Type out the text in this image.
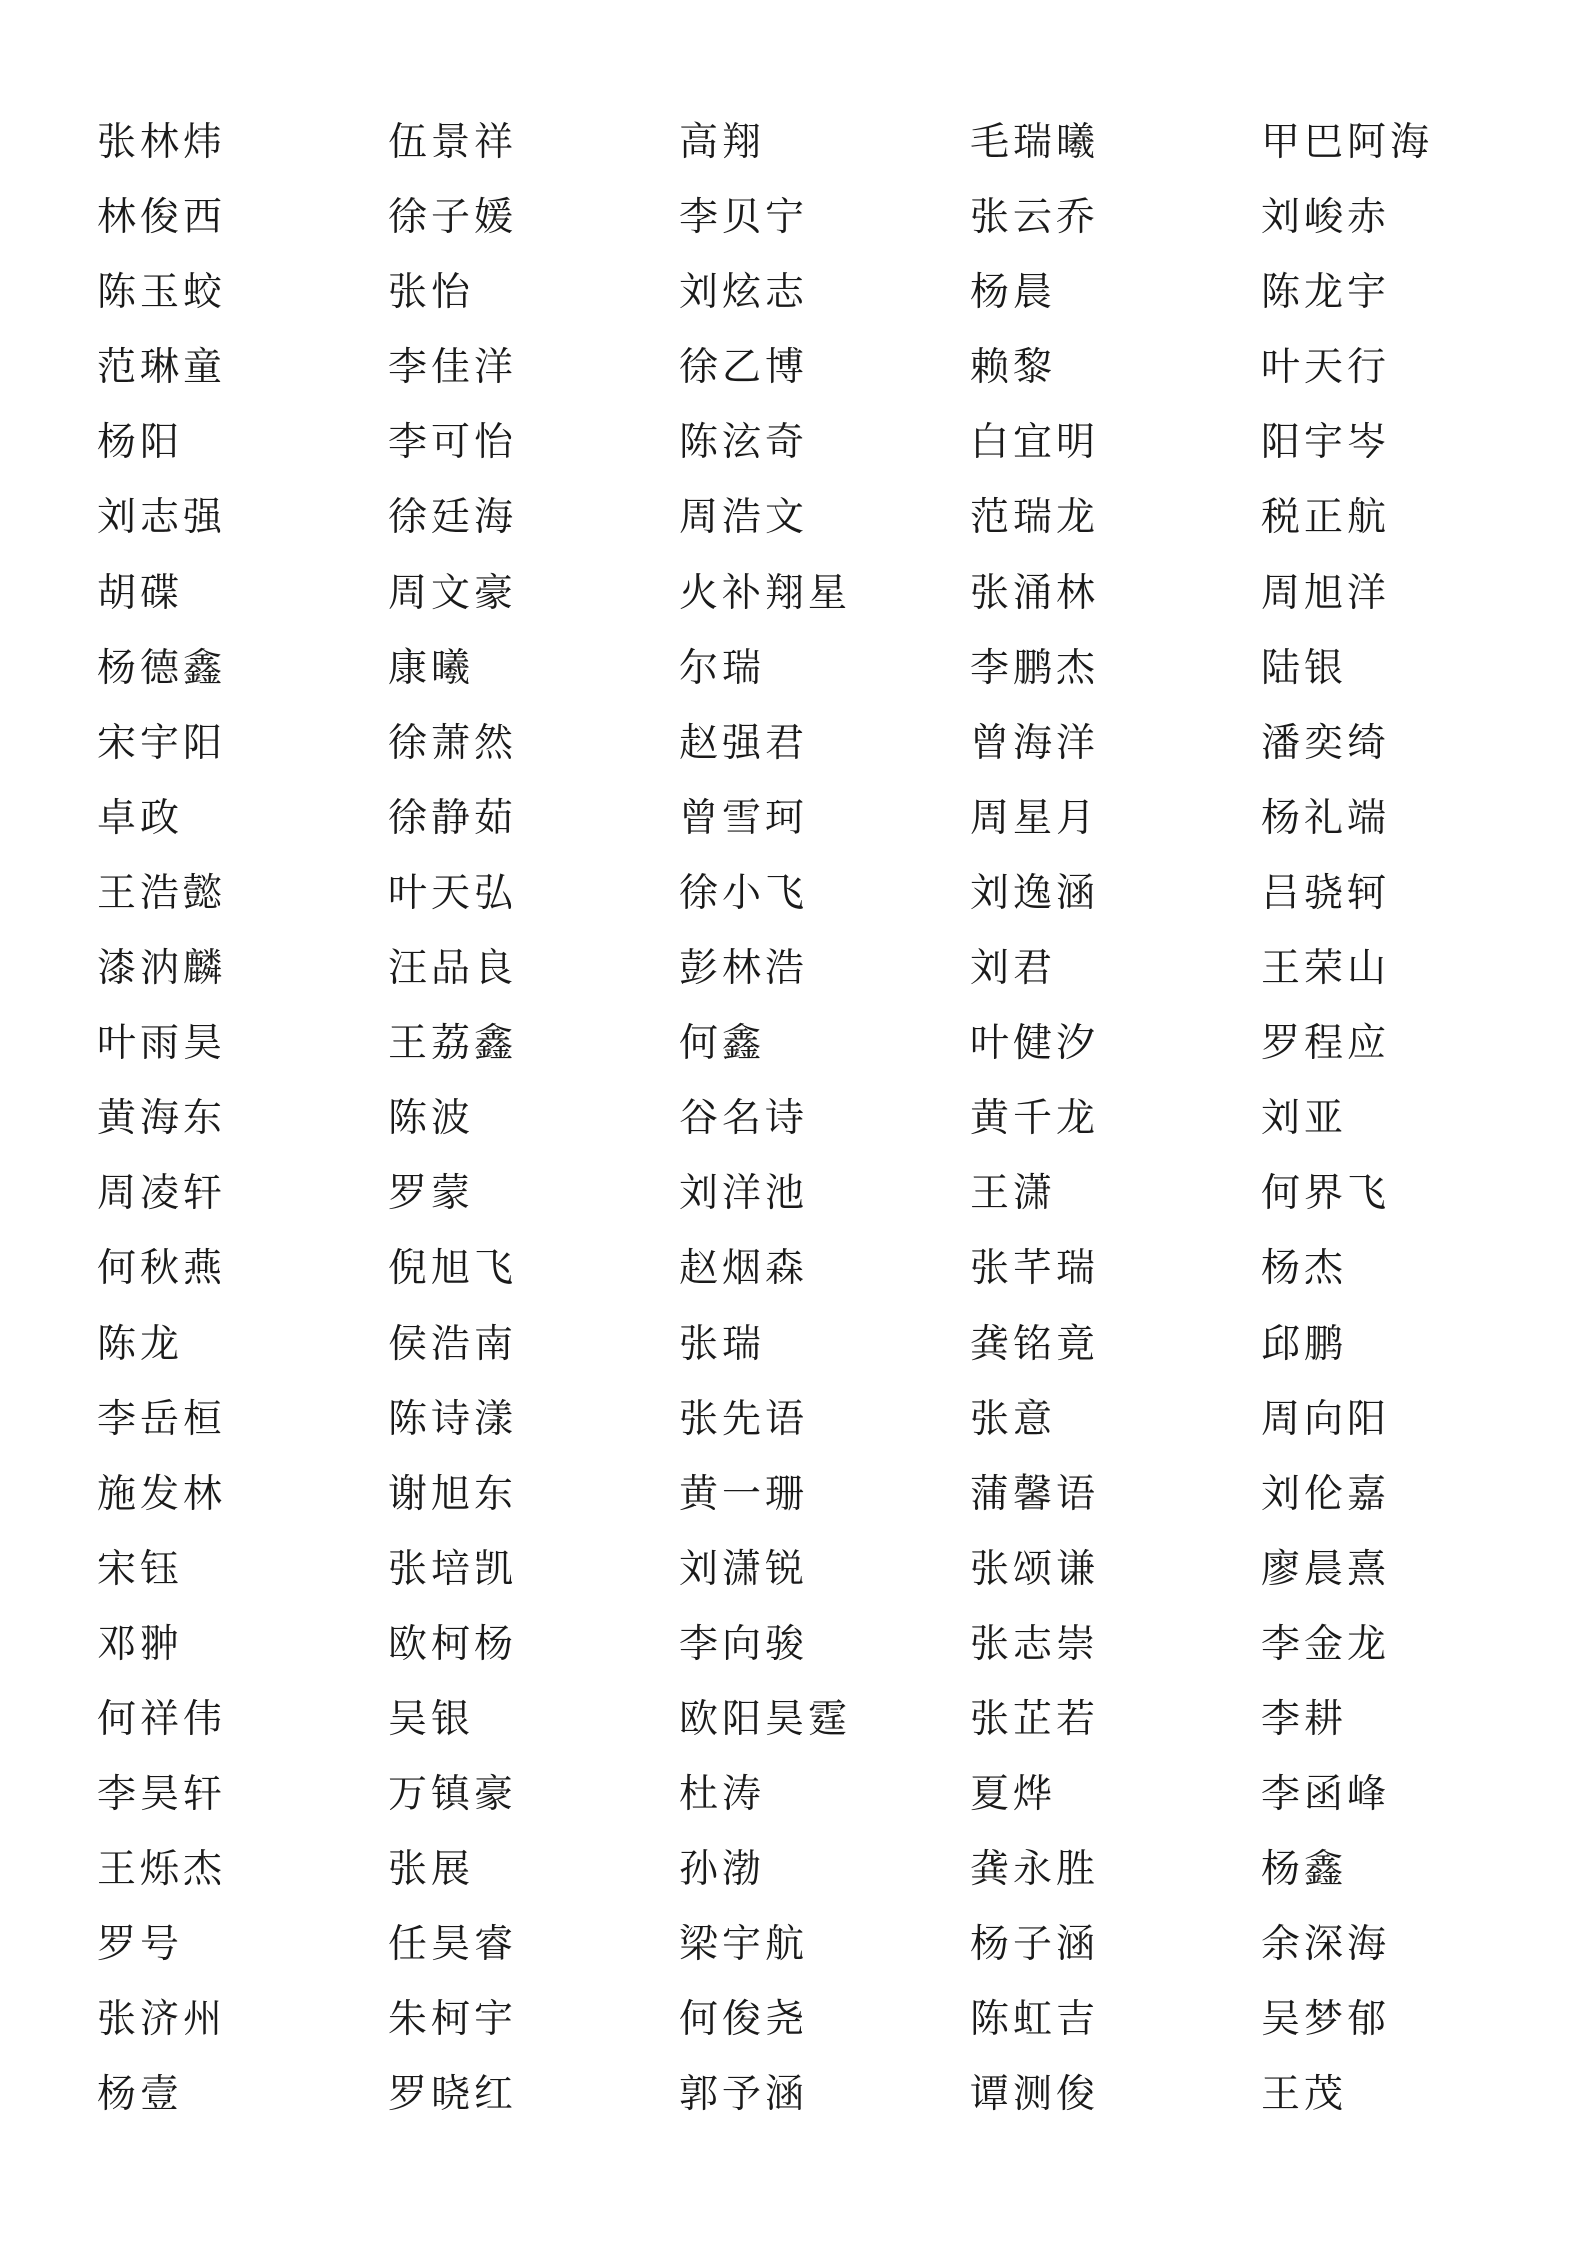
张林炜	伍景祥	高翔	毛瑞曦	甲巴阿海
林俊西	徐子媛	李贝宁	张云乔	刘峻赤
陈玉蛟	张怡	刘炫志	杨晨	陈龙宇
范琳童	李佳洋	徐乙博	赖黎	叶天行
杨阳	李可怡	陈泫奇	白宜明	阳宇岑
刘志强	徐廷海	周浩文	范瑞龙	税正航
胡碟	周文豪	火补翔星	张涌林	周旭洋
杨德鑫	康曦	尔瑞	李鹏杰	陆银
宋宇阳	徐萧然	赵强君	曾海洋	潘奕绮
卓政	徐静茹	曾雪珂	周星月	杨礼端
王浩懿	叶天弘	徐小飞	刘逸涵	吕骁轲
漆汭麟	汪品良	彭林浩	刘君	王荣山
叶雨昊	王荔鑫	何鑫	叶健汐	罗程应
黄海东	陈波	谷名诗	黄千龙	刘亚
周凌轩	罗蒙	刘洋池	王潇	何界飞
何秋燕	倪旭飞	赵烟森	张芊瑞	杨杰
陈龙	侯浩南	张瑞	龚铭竟	邱鹏
李岳桓	陈诗漾	张先语	张意	周向阳
施发林	谢旭东	黄一珊	蒲馨语	刘伦嘉
宋钰	张培凯	刘潇锐	张颂谦	廖晨熹
邓翀	欧柯杨	李向骏	张志崇	李金龙
何祥伟	吴银	欧阳昊霆	张芷若	李耕
李昊轩	万镇豪	杜涛	夏烨	李函峰
王烁杰	张展	孙渤	龚永胜	杨鑫
罗号	任昊睿	梁宇航	杨子涵	余深海
张济州	朱柯宇	何俊尧	陈虹吉	吴梦郁
杨壹	罗晓红	郭予涵	谭测俊	王茂
